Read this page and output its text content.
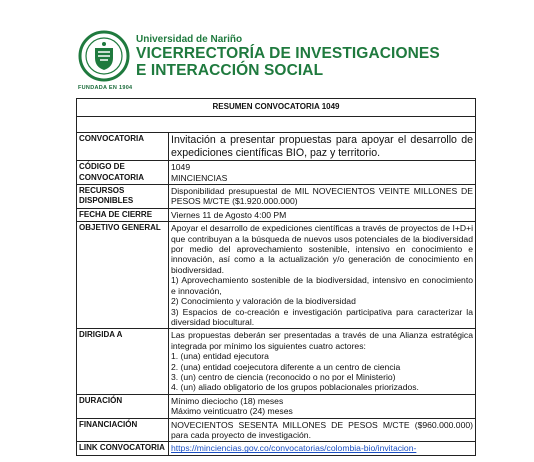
FUNDADA EN 1904
Universidad de Nariño
VICERRECTORÍA DE INVESTIGACIONES
E INTERACCIÓN SOCIAL
RESUMEN CONVOCATORIA 1049	

CONVOCATORIA	Invitación a presentar propuestas para apoyar el desarrollo de expediciones científicas BIO, paz y territorio.
CÓDIGO DE CONVOCATORIA	1049
MINCIENCIAS

RECURSOS DISPONIBLES	Disponibilidad presupuestal de MIL NOVECIENTOS VEINTE MILLONES DE PESOS M/CTE ($1.920.000.000)
FECHA DE CIERRE	Viernes 11 de Agosto 4:00 PM
OBJETIVO GENERAL	Apoyar el desarrollo de expediciones científicas a través de proyectos de I+D+i que contribuyan a la búsqueda de nuevos usos potenciales de la biodiversidad por medio del aprovechamiento sostenible, intensivo en conocimiento e innovación, así como a la actualización y/o generación de conocimiento en biodiversidad.
1) Aprovechamiento sostenible de la biodiversidad, intensivo en conocimiento e innovación,
2) Conocimiento y valoración de la biodiversidad
3) Espacios de co-creación e investigación participativa para caracterizar la diversidad biocultural.

DIRIGIDA A	Las propuestas deberán ser presentadas a través de una Alianza estratégica integrada por mínimo los siguientes cuatro actores:
1. (una) entidad ejecutora
2. (una) entidad coejecutora diferente a un centro de ciencia
3. (un) centro de ciencia (reconocido o no por el Ministerio)
4. (un) aliado obligatorio de los grupos poblacionales priorizados.

DURACIÓN	Mínimo dieciocho (18) meses
Máximo veinticuatro (24) meses

FINANCIACIÓN	NOVECIENTOS SESENTA MILLONES DE PESOS M/CTE ($960.000.000) para cada proyecto de investigación.
LINK CONVOCATORIA	https://minciencias.gov.co/convocatorias/colombia-bio/invitacion-
